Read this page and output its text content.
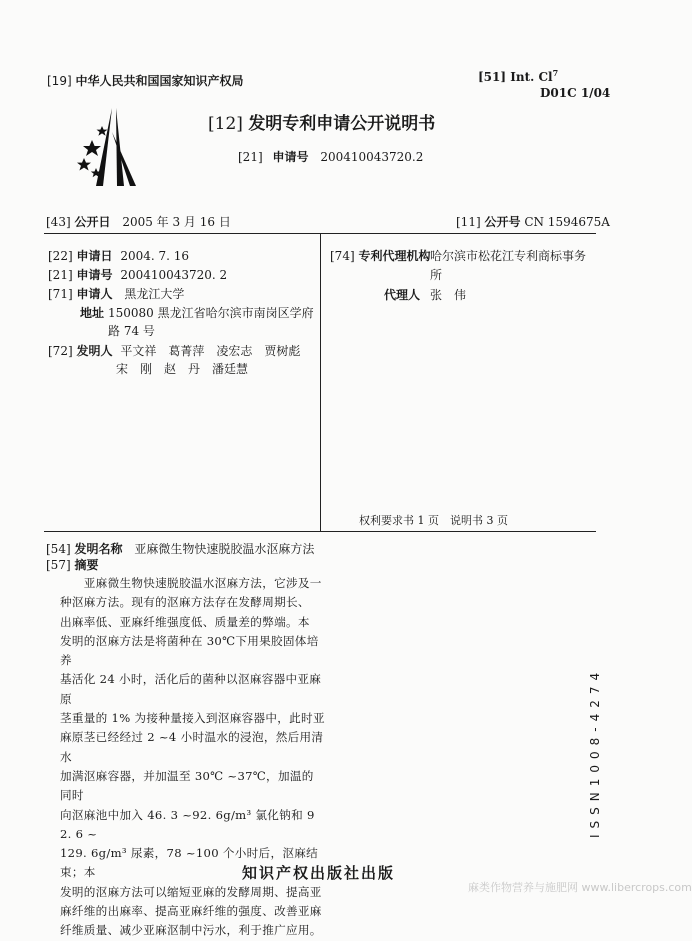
[19] 中华人民共和国国家知识产权局	[51] Int. Cl$^7$
D01C 1/04
[12] 发明专利申请公开说明书
[21] 申请号 200410043720.2
[43] 公开日 2005 年 3 月 16 日	[11] 公开号 CN 1594675A
[22] 申请日 2004. 7. 16
[21] 申请号 200410043720. 2
[71] 申请人 黑龙江大学
地址 150080 黑龙江省哈尔滨市南岗区学府
路 74 号
[72] 发明人 平文祥　葛菁萍　凌宏志　贾树彪
宋　刚　赵　丹　潘廷慧
[74] 专利代理机构 哈尔滨市松花江专利商标事务
所
代理人 张　伟
权利要求书 1 页　说明书 3 页
[54] 发明名称 亚麻微生物快速脱胶温水沤麻方法
[57] 摘要
　　亚麻微生物快速脱胶温水沤麻方法，它涉及一
种沤麻方法。现有的沤麻方法存在发酵周期长、
出麻率低、亚麻纤维强度低、质量差的弊端。本
发明的沤麻方法是将菌种在 30℃下用果胶固体培养
基活化 24 小时，活化后的菌种以沤麻容器中亚麻原
茎重量的 1% 为接种量接入到沤麻容器中，此时亚
麻原茎已经经过 2 ~4 小时温水的浸泡，然后用清水
加满沤麻容器，并加温至 30℃ ~37℃，加温的同时
向沤麻池中加入 46. 3 ~92. 6g/m³ 氯化钠和 92. 6 ~
129. 6g/m³ 尿素，78 ~100 个小时后，沤麻结束；本
发明的沤麻方法可以缩短亚麻的发酵周期、提高亚
麻纤维的出麻率、提高亚麻纤维的强度、改善亚麻
纤维质量、减少亚麻沤制中污水，利于推广应用。
ISSN1008-4274
知识产权出版社出版
麻类作物营养与施肥网 www.libercrops.com
